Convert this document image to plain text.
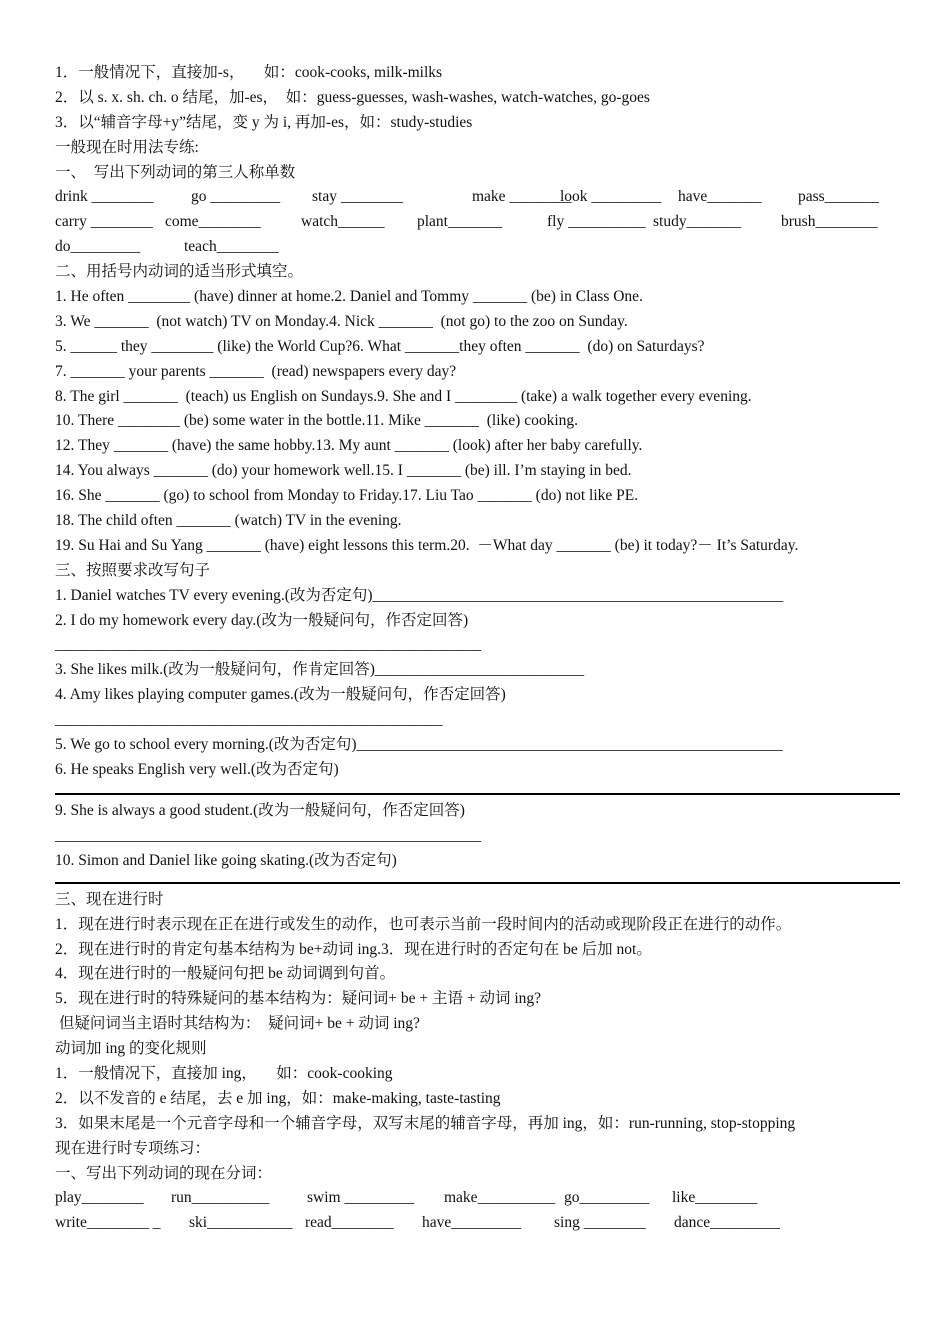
1．一般情况下，直接加-s，     如：cook-cooks, milk-milks
2．以 s. x. sh. ch. o 结尾，加-es，  如：guess-guesses, wash-washes, watch-watches, go-goes
3．以“辅音字母+y”结尾，变 y 为 i, 再加-es，如：study-studies
一般现在时用法专练:
一、  写出下列动词的第三人称单数
drink ________	go _________	stay ________	make ________
look _________	have_______	pass_______
carry ________ come________	watch______	plant_______	fly __________ study_______	brush________
do_________	teach________
二、用括号内动词的适当形式填空。
1. He often ________ (have) dinner at home.2. Daniel and Tommy _______ (be) in Class One.
3. We _______  (not watch) TV on Monday.4. Nick _______  (not go) to the zoo on Sunday.
5. ______ they ________ (like) the World Cup?6. What _______they often _______  (do) on Saturdays?
7. _______ your parents _______  (read) newspapers every day?
8. The girl _______  (teach) us English on Sundays.9. She and I ________ (take) a walk together every evening.
10. There ________ (be) some water in the bottle.11. Mike _______  (like) cooking.
12. They _______ (have) the same hobby.13. My aunt _______ (look) after her baby carefully.
14. You always _______ (do) your homework well.15. I _______ (be) ill. I’m staying in bed.
16. She _______ (go) to school from Monday to Friday.17. Liu Tao _______ (do) not like PE.
18. The child often _______ (watch) TV in the evening.
19. Su Hai and Su Yang _______ (have) eight lessons this term.20.  －What day _______ (be) it today?－ It’s Saturday.
三、按照要求改写句子
1. Daniel watches TV every evening.(改为否定句)_____________________________________________________
2. I do my homework every day.(改为一般疑问句，作否定回答)
_______________________________________________________
3. She likes milk.(改为一般疑问句，作肯定回答)___________________________
4. Amy likes playing computer games.(改为一般疑问句，作否定回答)
__________________________________________________
5. We go to school every morning.(改为否定句)_______________________________________________________
6. He speaks English very well.(改为否定句)
9. She is always a good student.(改为一般疑问句，作否定回答)
_______________________________________________________
10. Simon and Daniel like going skating.(改为否定句)
三、现在进行时
1．现在进行时表示现在正在进行或发生的动作，也可表示当前一段时间内的活动或现阶段正在进行的动作。
2．现在进行时的肯定句基本结构为 be+动词 ing.3．现在进行时的否定句在 be 后加 not。
4．现在进行时的一般疑问句把 be 动词调到句首。
5．现在进行时的特殊疑问的基本结构为：疑问词+ be + 主语 + 动词 ing?
但疑问词当主语时其结构为：  疑问词+ be + 动词 ing?
动词加 ing 的变化规则
1．一般情况下，直接加 ing，     如：cook-cooking
2．以不发音的 e 结尾，去 e 加 ing，如：make-making, taste-tasting
3．如果末尾是一个元音字母和一个辅音字母，双写末尾的辅音字母，再加 ing，如：run-running, stop-stopping
现在进行时专项练习：
一、写出下列动词的现在分词：
play________	run__________	swim _________	make__________ go_________	like________
write________ _	ski___________ read________	have_________	sing ________	dance_________
